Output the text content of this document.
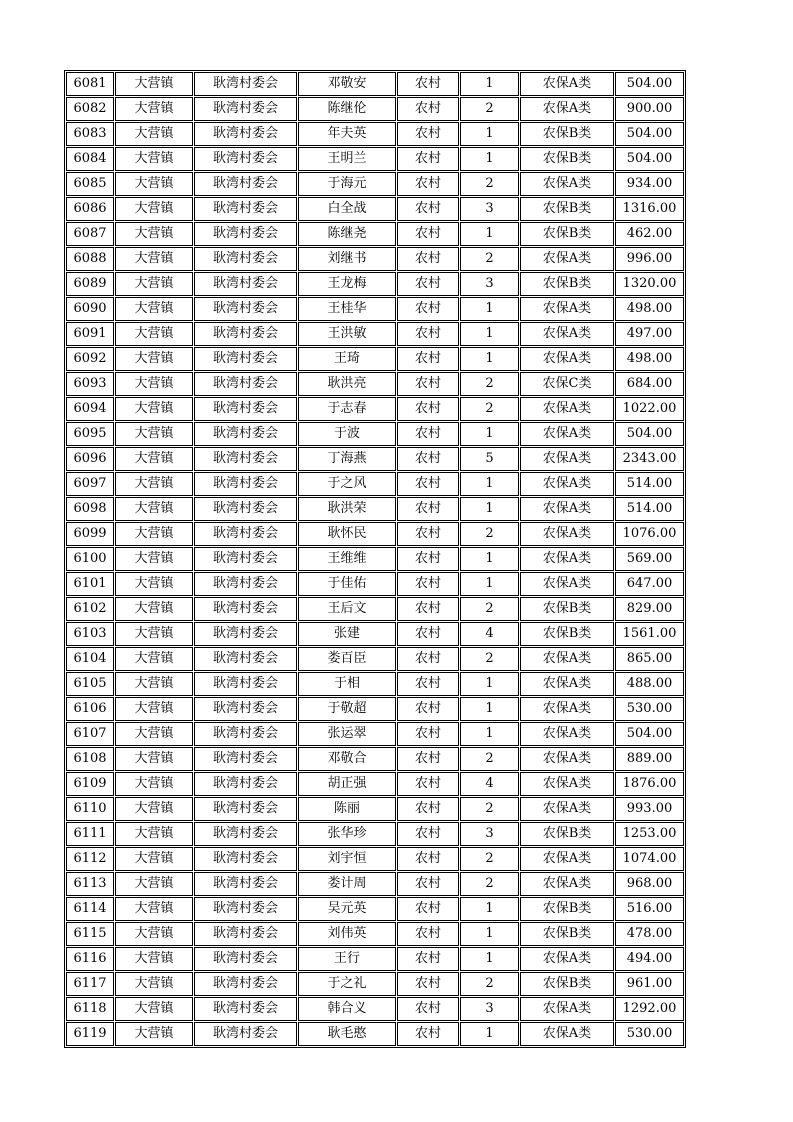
6081	大营镇	耿湾村委会	邓敬安	农村	1	农保A类	504.00
6082	大营镇	耿湾村委会	陈继伦	农村	2	农保A类	900.00
6083	大营镇	耿湾村委会	年夫英	农村	1	农保B类	504.00
6084	大营镇	耿湾村委会	王明兰	农村	1	农保B类	504.00
6085	大营镇	耿湾村委会	于海元	农村	2	农保A类	934.00
6086	大营镇	耿湾村委会	白全战	农村	3	农保B类	1316.00
6087	大营镇	耿湾村委会	陈继尧	农村	1	农保B类	462.00
6088	大营镇	耿湾村委会	刘继书	农村	2	农保A类	996.00
6089	大营镇	耿湾村委会	王龙梅	农村	3	农保B类	1320.00
6090	大营镇	耿湾村委会	王桂华	农村	1	农保A类	498.00
6091	大营镇	耿湾村委会	王洪敏	农村	1	农保A类	497.00
6092	大营镇	耿湾村委会	王琦	农村	1	农保A类	498.00
6093	大营镇	耿湾村委会	耿洪亮	农村	2	农保C类	684.00
6094	大营镇	耿湾村委会	于志春	农村	2	农保A类	1022.00
6095	大营镇	耿湾村委会	于波	农村	1	农保A类	504.00
6096	大营镇	耿湾村委会	丁海燕	农村	5	农保A类	2343.00
6097	大营镇	耿湾村委会	于之风	农村	1	农保A类	514.00
6098	大营镇	耿湾村委会	耿洪荣	农村	1	农保A类	514.00
6099	大营镇	耿湾村委会	耿怀民	农村	2	农保A类	1076.00
6100	大营镇	耿湾村委会	王维维	农村	1	农保A类	569.00
6101	大营镇	耿湾村委会	于佳佑	农村	1	农保A类	647.00
6102	大营镇	耿湾村委会	王后文	农村	2	农保B类	829.00
6103	大营镇	耿湾村委会	张建	农村	4	农保B类	1561.00
6104	大营镇	耿湾村委会	娄百臣	农村	2	农保A类	865.00
6105	大营镇	耿湾村委会	于相	农村	1	农保A类	488.00
6106	大营镇	耿湾村委会	于敬超	农村	1	农保A类	530.00
6107	大营镇	耿湾村委会	张运翠	农村	1	农保A类	504.00
6108	大营镇	耿湾村委会	邓敬合	农村	2	农保A类	889.00
6109	大营镇	耿湾村委会	胡正强	农村	4	农保A类	1876.00
6110	大营镇	耿湾村委会	陈丽	农村	2	农保A类	993.00
6111	大营镇	耿湾村委会	张华珍	农村	3	农保B类	1253.00
6112	大营镇	耿湾村委会	刘宇恒	农村	2	农保A类	1074.00
6113	大营镇	耿湾村委会	娄计周	农村	2	农保A类	968.00
6114	大营镇	耿湾村委会	吴元英	农村	1	农保B类	516.00
6115	大营镇	耿湾村委会	刘伟英	农村	1	农保B类	478.00
6116	大营镇	耿湾村委会	王行	农村	1	农保A类	494.00
6117	大营镇	耿湾村委会	于之礼	农村	2	农保B类	961.00
6118	大营镇	耿湾村委会	韩合义	农村	3	农保A类	1292.00
6119	大营镇	耿湾村委会	耿毛憨	农村	1	农保A类	530.00
